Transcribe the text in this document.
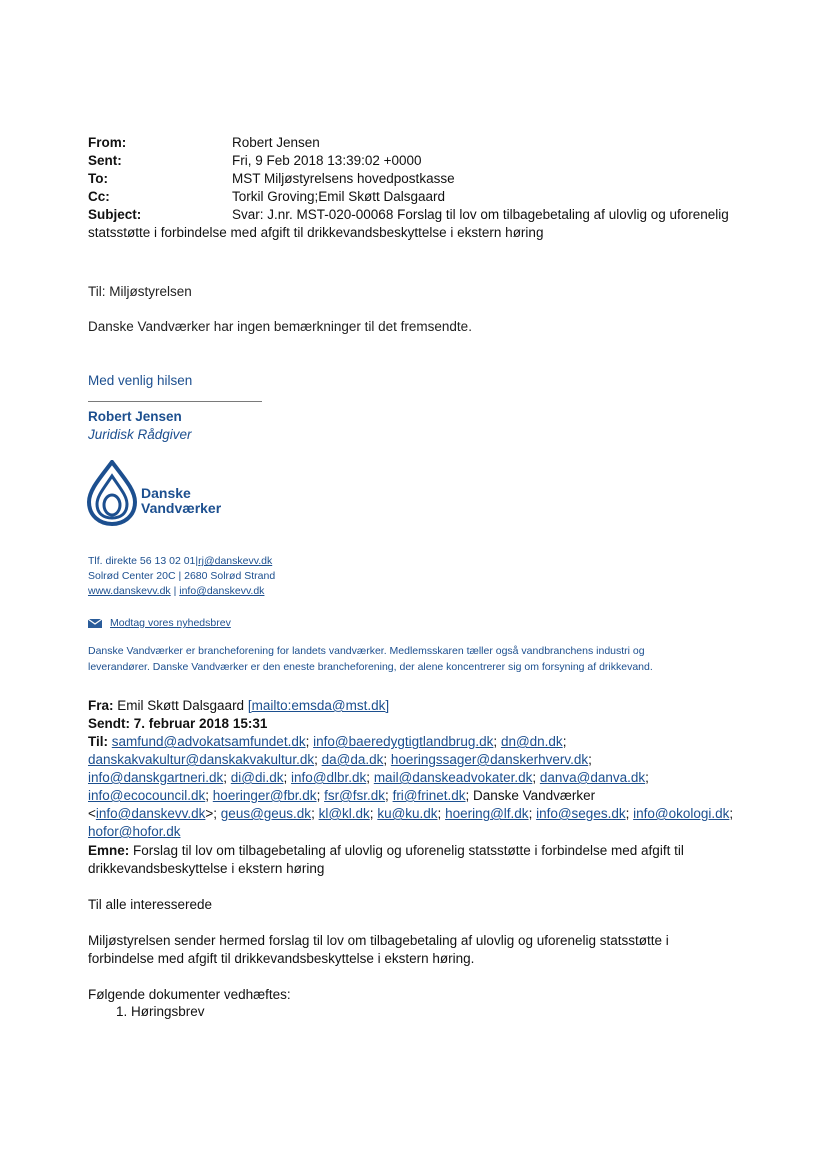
From:	Robert Jensen
Sent:	Fri, 9 Feb 2018 13:39:02 +0000
To:	MST Miljøstyrelsens hovedpostkasse
Cc:	Torkil Groving;Emil Skøtt Dalsgaard
Subject:	Svar: J.nr. MST-020-00068 Forslag til lov om tilbagebetaling af ulovlig og uforenelig
statsstøtte i forbindelse med afgift til drikkevandsbeskyttelse i ekstern høring
Til: Miljøstyrelsen
Danske Vandværker har ingen bemærkninger til det fremsendte.
Med venlig hilsen
Robert Jensen
Juridisk Rådgiver
Danske
Vandværker
Tlf. direkte 56 13 02 01|rj@danskevv.dk
Solrød Center 20C | 2680 Solrød Strand
www.danskevv.dk | info@danskevv.dk
Modtag vores nyhedsbrev
Danske Vandværker er brancheforening for landets vandværker. Medlemsskaren tæller også vandbranchens industri og
leverandører. Danske Vandværker er den eneste brancheforening, der alene koncentrerer sig om forsyning af drikkevand.
Fra: Emil Skøtt Dalsgaard [mailto:emsda@mst.dk]
Sendt: 7. februar 2018 15:31
Til: samfund@advokatsamfundet.dk; info@baeredygtigtlandbrug.dk; dn@dn.dk;
danskakvakultur@danskakvakultur.dk; da@da.dk; hoeringssager@danskerhverv.dk;
info@danskgartneri.dk; di@di.dk; info@dlbr.dk; mail@danskeadvokater.dk; danva@danva.dk;
info@ecocouncil.dk; hoeringer@fbr.dk; fsr@fsr.dk; fri@frinet.dk; Danske Vandværker
<info@danskevv.dk>; geus@geus.dk; kl@kl.dk; ku@ku.dk; hoering@lf.dk; info@seges.dk; info@okologi.dk;
hofor@hofor.dk
Emne: Forslag til lov om tilbagebetaling af ulovlig og uforenelig statsstøtte i forbindelse med afgift til
drikkevandsbeskyttelse i ekstern høring
Til alle interesserede
Miljøstyrelsen sender hermed forslag til lov om tilbagebetaling af ulovlig og uforenelig statsstøtte i
forbindelse med afgift til drikkevandsbeskyttelse i ekstern høring.
Følgende dokumenter vedhæftes:
1. Høringsbrev
